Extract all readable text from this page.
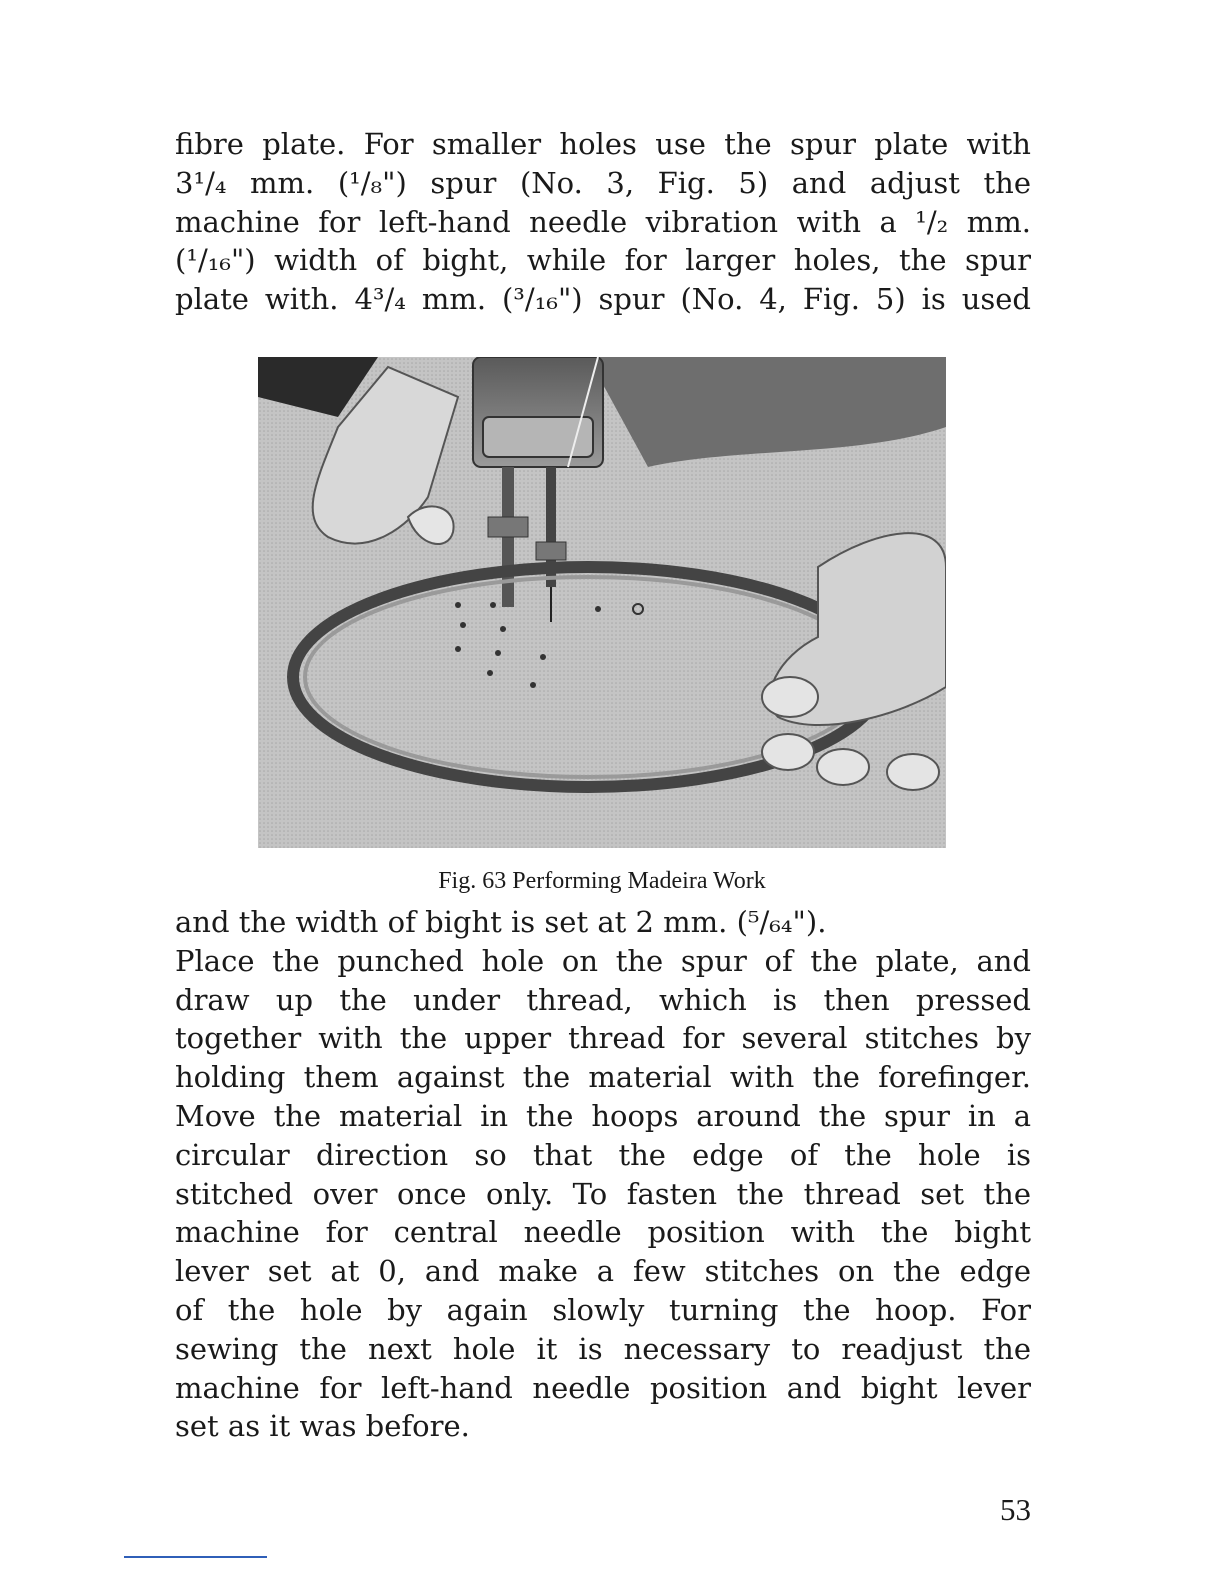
fibre plate. For smaller holes use the spur plate with
3¹/₄ mm. (¹/₈") spur (No. 3, Fig. 5) and adjust the
machine for left-hand needle vibration with a ¹/₂ mm.
(¹/₁₆") width of bight, while for larger holes, the spur
plate with. 4³/₄ mm. (³/₁₆") spur (No. 4, Fig. 5) is used
Fig. 63 Performing Madeira Work
and the width of bight is set at 2 mm. (⁵/₆₄").
Place the punched hole on the spur of the plate, and
draw up the under thread, which is then pressed
together with the upper thread for several stitches by
holding them against the material with the forefinger.
Move the material in the hoops around the spur in a
circular direction so that the edge of the hole is
stitched over once only. To fasten the thread set the
machine for central needle position with the bight
lever set at 0, and make a few stitches on the edge
of the hole by again slowly turning the hoop. For
sewing the next hole it is necessary to readjust the
machine for left-hand needle position and bight lever
set as it was before.
53
